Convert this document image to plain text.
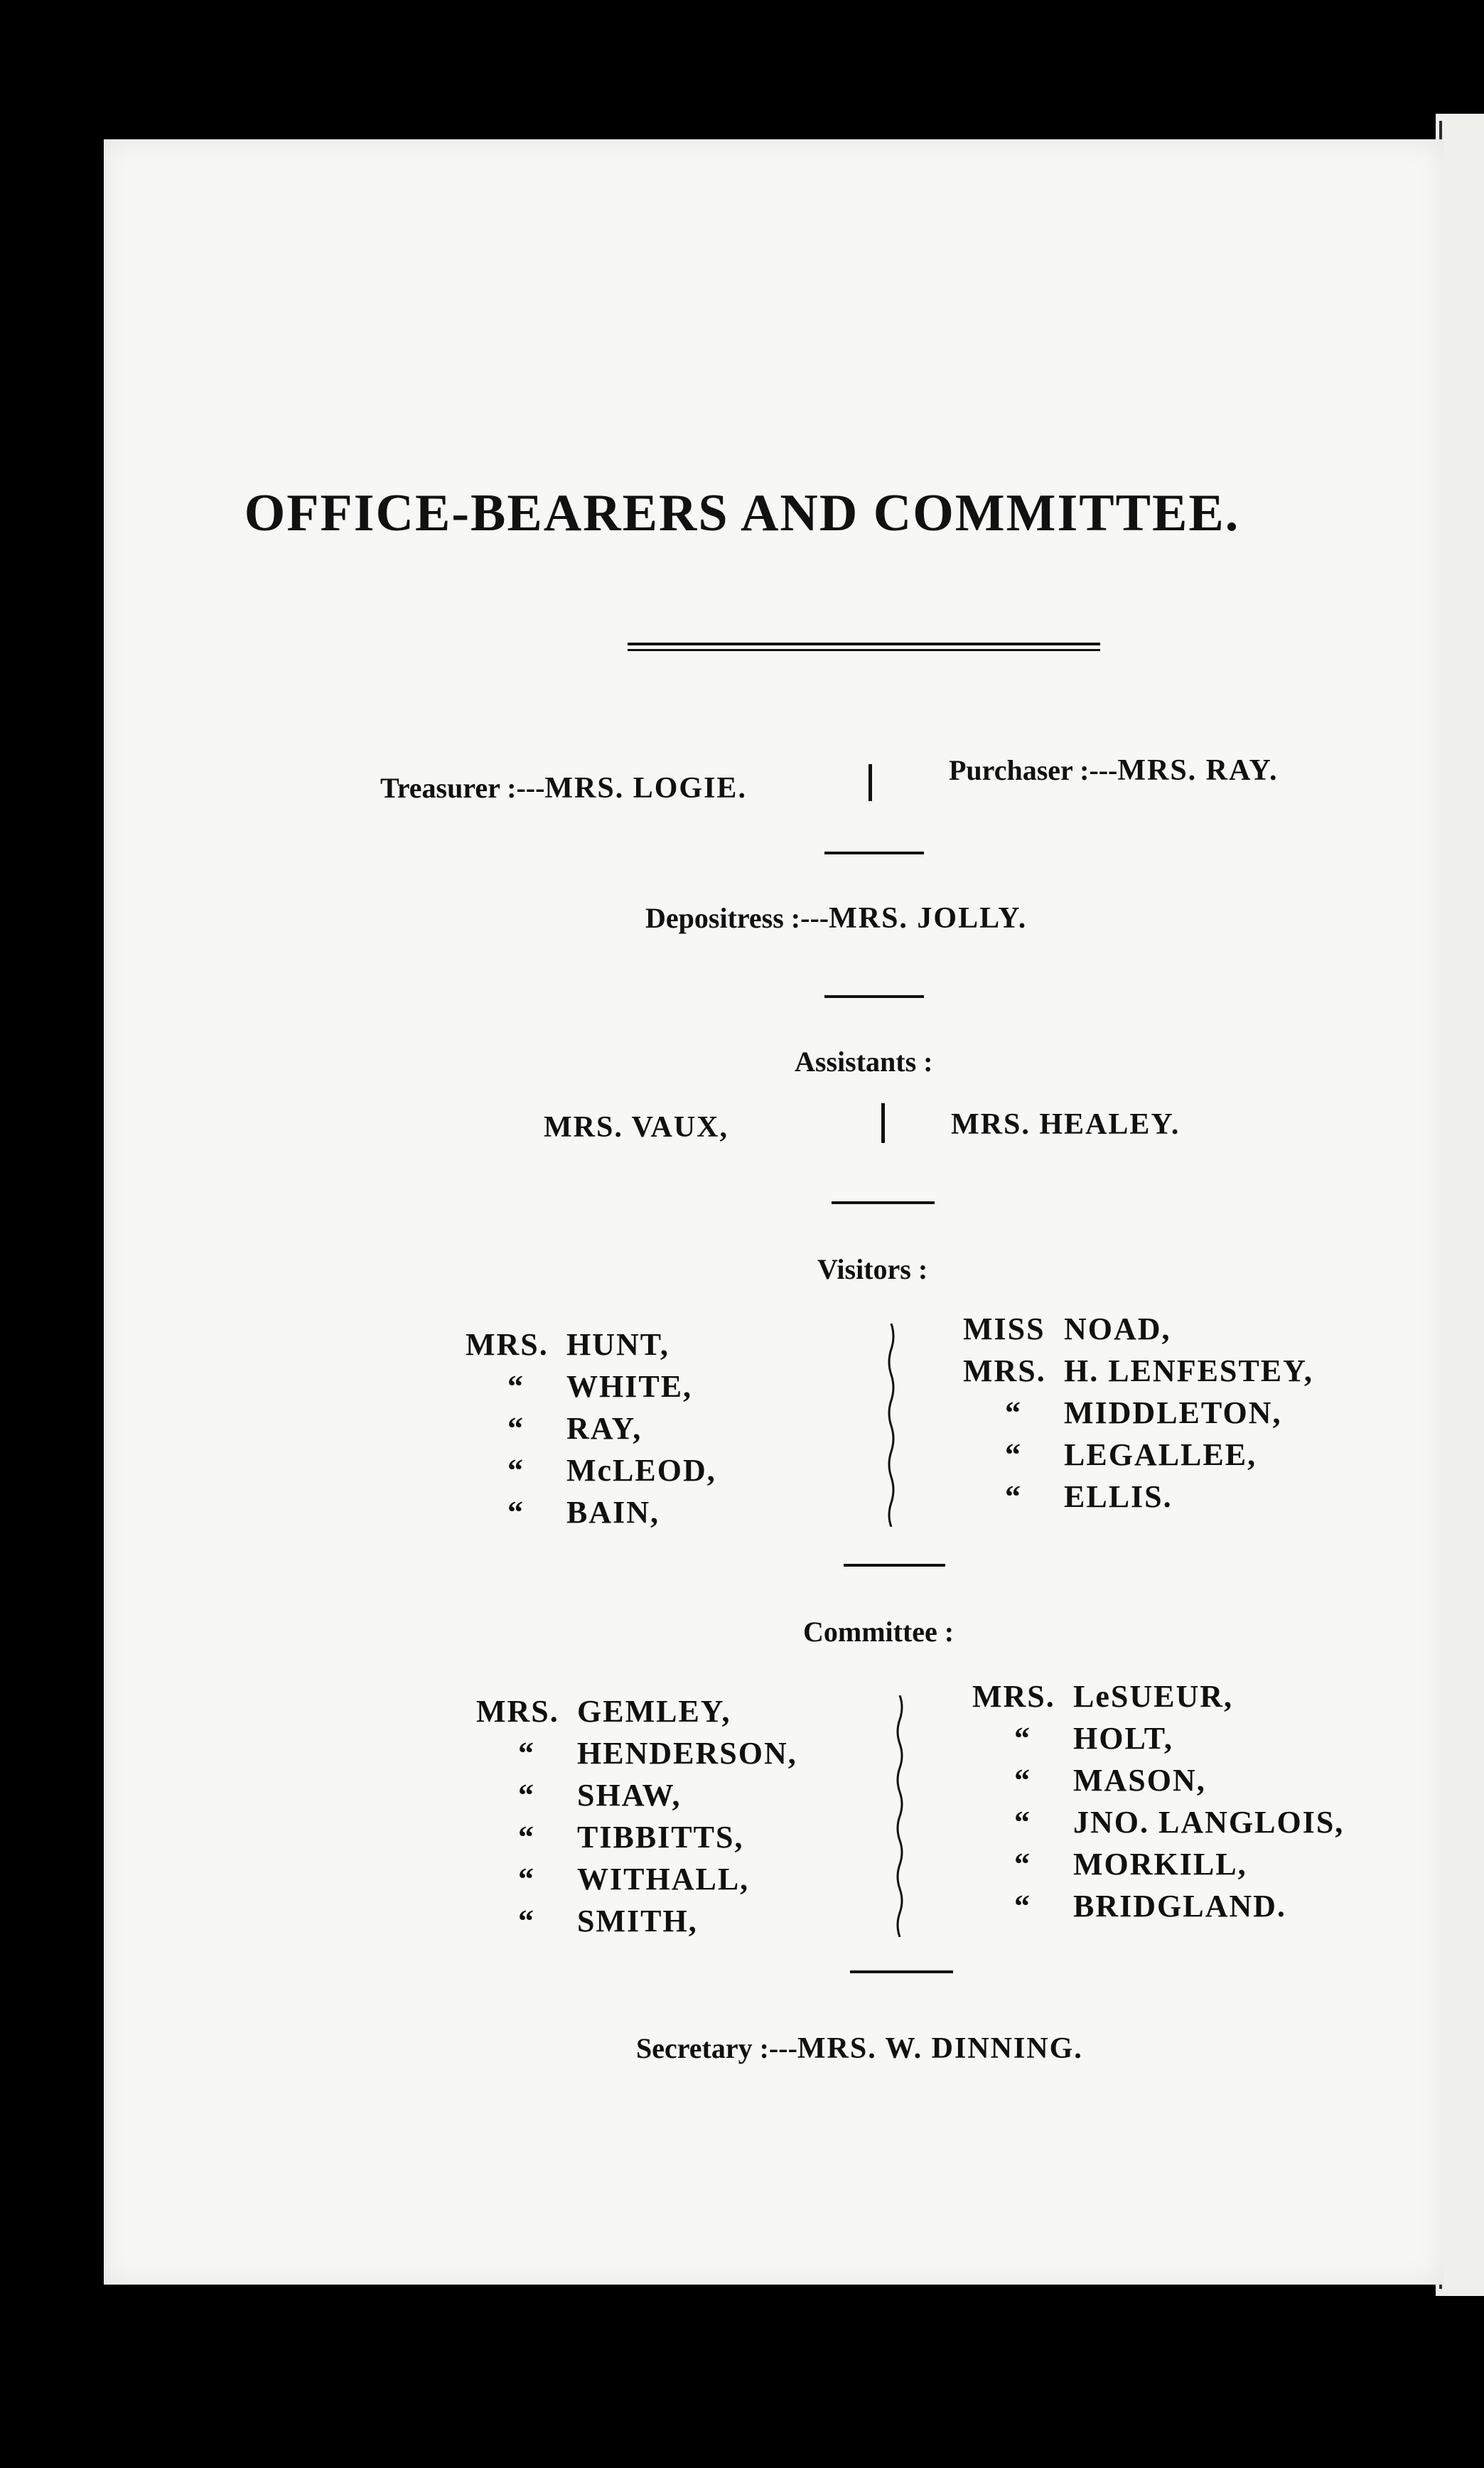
OFFICE-BEARERS AND COMMITTEE.
Treasurer :---MRS. LOGIE.
Purchaser :---MRS. RAY.
Depositress :---MRS. JOLLY.
Assistants :
MRS. VAUX,	MRS. HEALEY.
Visitors :
MRS. HUNT,
“	WHITE,
“	RAY,
“	McLEOD,
“	BAIN,
MISS NOAD,
MRS. H. LENFESTEY,
“	MIDDLETON,
“	LEGALLEE,
“	ELLIS.
Committee :
MRS. GEMLEY,
“	HENDERSON,
“	SHAW,
“	TIBBITTS,
“	WITHALL,
“	SMITH,
MRS. LeSUEUR,
“	HOLT,
“	MASON,
“	JNO. LANGLOIS,
“	MORKILL,
“	BRIDGLAND.
Secretary :---MRS. W. DINNING.
